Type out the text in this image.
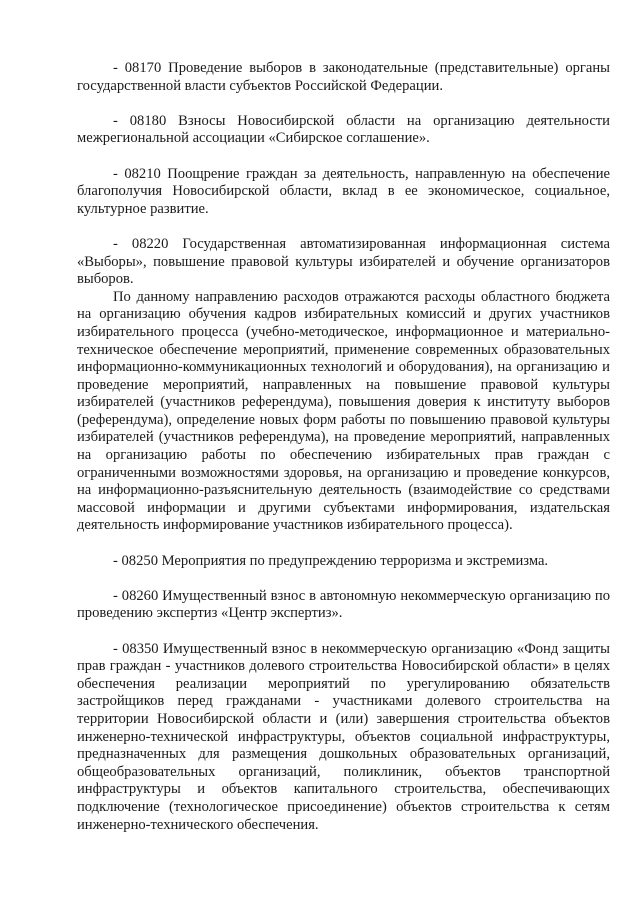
- 08170 Проведение выборов в законодательные (представительные) органы государственной власти субъектов Российской Федерации.

- 08180 Взносы Новосибирской области на организацию деятельности межрегиональной ассоциации «Сибирское соглашение».

- 08210 Поощрение граждан за деятельность, направленную на обеспечение благополучия Новосибирской области, вклад в ее экономическое, социальное, культурное развитие.

- 08220 Государственная автоматизированная информационная система «Выборы», повышение правовой культуры избирателей и обучение организаторов выборов.

По данному направлению расходов отражаются расходы областного бюджета на организацию обучения кадров избирательных комиссий и других участников избирательного процесса (учебно-методическое, информационное и материально-техническое обеспечение мероприятий, применение современных образовательных информационно-коммуникационных технологий и оборудования), на организацию и проведение мероприятий, направленных на повышение правовой культуры избирателей (участников референдума), повышения доверия к институту выборов (референдума), определение новых форм работы по повышению правовой культуры избирателей (участников референдума), на проведение мероприятий, направленных на организацию работы по обеспечению избирательных прав граждан с ограниченными возможностями здоровья, на организацию и проведение конкурсов, на информационно-разъяснительную деятельность (взаимодействие со средствами массовой информации и другими субъектами информирования, издательская деятельность информирование участников избирательного процесса).

- 08250 Мероприятия по предупреждению терроризма и экстремизма.

- 08260 Имущественный взнос в автономную некоммерческую организацию по проведению экспертиз «Центр экспертиз».

- 08350 Имущественный взнос в некоммерческую организацию «Фонд защиты прав граждан - участников долевого строительства Новосибирской области» в целях обеспечения реализации мероприятий по урегулированию обязательств застройщиков перед гражданами - участниками долевого строительства на территории Новосибирской области и (или) завершения строительства объектов инженерно-технической инфраструктуры, объектов социальной инфраструктуры, предназначенных для размещения дошкольных образовательных организаций, общеобразовательных организаций, поликлиник, объектов транспортной инфраструктуры и объектов капитального строительства, обеспечивающих подключение (технологическое присоединение) объектов строительства к сетям инженерно-технического обеспечения.
